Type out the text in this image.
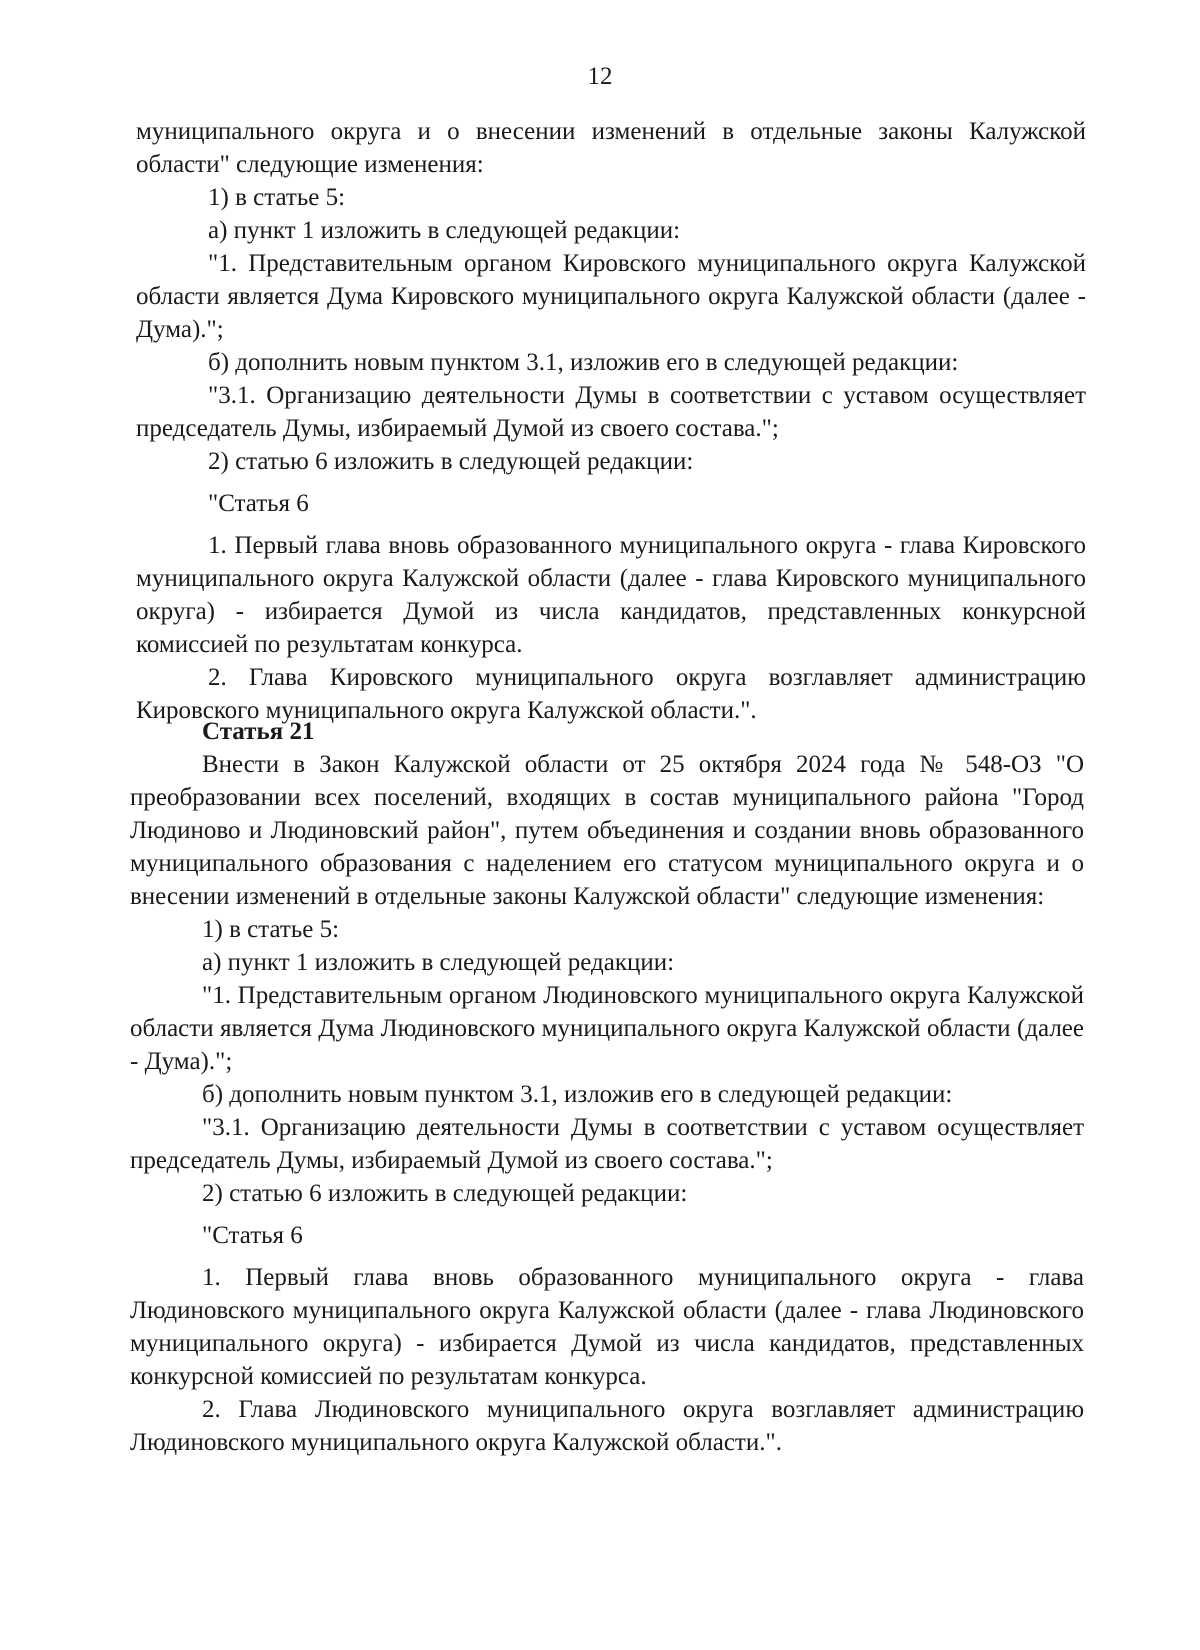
12

муниципального округа и о внесении изменений в отдельные законы Калужской области" следующие изменения:

1) в статье 5:

а) пункт 1 изложить в следующей редакции:

"1. Представительным органом Кировского муниципального округа Калужской области является Дума Кировского муниципального округа Калужской области (далее - Дума).";

б) дополнить новым пунктом 3.1, изложив его в следующей редакции:

"3.1. Организацию деятельности Думы в соответствии с уставом осуществляет председатель Думы, избираемый Думой из своего состава.";

2) статью 6 изложить в следующей редакции:

"Статья 6

1. Первый глава вновь образованного муниципального округа - глава Кировского муниципального округа Калужской области (далее - глава Кировского муниципального округа) - избирается Думой из числа кандидатов, представленных конкурсной комиссией по результатам конкурса.

2. Глава Кировского муниципального округа возглавляет администрацию Кировского муниципального округа Калужской области.".

Статья 21

Внести в Закон Калужской области от 25 октября 2024 года № 548-ОЗ "О преобразовании всех поселений, входящих в состав муниципального района "Город Людиново и Людиновский район", путем объединения и создании вновь образованного муниципального образования с наделением его статусом муниципального округа и о внесении изменений в отдельные законы Калужской области" следующие изменения:

1) в статье 5:

а) пункт 1 изложить в следующей редакции:

"1. Представительным органом Людиновского муниципального округа Калужской области является Дума Людиновского муниципального округа Калужской области (далее - Дума).";

б) дополнить новым пунктом 3.1, изложив его в следующей редакции:

"3.1. Организацию деятельности Думы в соответствии с уставом осуществляет председатель Думы, избираемый Думой из своего состава.";

2) статью 6 изложить в следующей редакции:

"Статья 6

1. Первый глава вновь образованного муниципального округа - глава Людиновского муниципального округа Калужской области (далее - глава Людиновского муниципального округа) - избирается Думой из числа кандидатов, представленных конкурсной комиссией по результатам конкурса.

2. Глава Людиновского муниципального округа возглавляет администрацию Людиновского муниципального округа Калужской области.".
